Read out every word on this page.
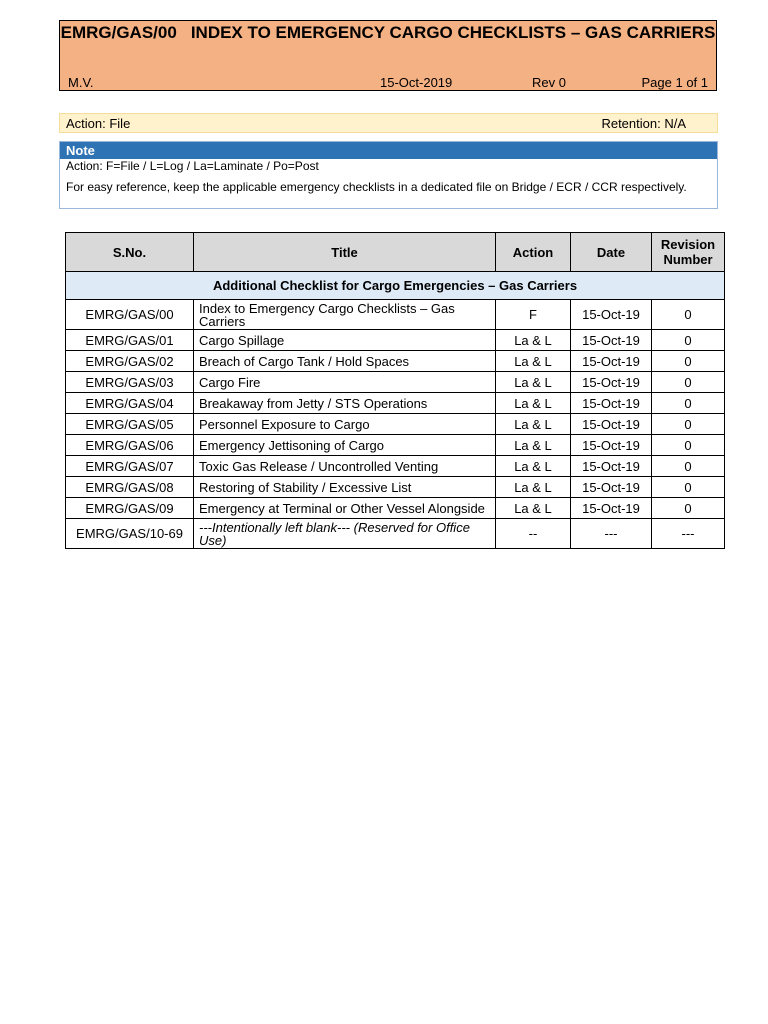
EMRG/GAS/00 INDEX TO EMERGENCY CARGO CHECKLISTS – GAS CARRIERS
M.V.	15-Oct-2019	Rev 0	Page 1 of 1
Action: File	Retention: N/A
Note
Action: F=File / L=Log / La=Laminate / Po=Post
For easy reference, keep the applicable emergency checklists in a dedicated file on Bridge / ECR / CCR respectively.
S.No.	Title	Action	Date	Revision Number
Additional Checklist for Cargo Emergencies – Gas Carriers				
EMRG/GAS/00	Index to Emergency Cargo Checklists – Gas Carriers	F	15-Oct-19	0
EMRG/GAS/01	Cargo Spillage	La & L	15-Oct-19	0
EMRG/GAS/02	Breach of Cargo Tank / Hold Spaces	La & L	15-Oct-19	0
EMRG/GAS/03	Cargo Fire	La & L	15-Oct-19	0
EMRG/GAS/04	Breakaway from Jetty / STS Operations	La & L	15-Oct-19	0
EMRG/GAS/05	Personnel Exposure to Cargo	La & L	15-Oct-19	0
EMRG/GAS/06	Emergency Jettisoning of Cargo	La & L	15-Oct-19	0
EMRG/GAS/07	Toxic Gas Release / Uncontrolled Venting	La & L	15-Oct-19	0
EMRG/GAS/08	Restoring of Stability / Excessive List	La & L	15-Oct-19	0
EMRG/GAS/09	Emergency at Terminal or Other Vessel Alongside	La & L	15-Oct-19	0
EMRG/GAS/10-69	---Intentionally left blank--- (Reserved for Office Use)	--	---	---
